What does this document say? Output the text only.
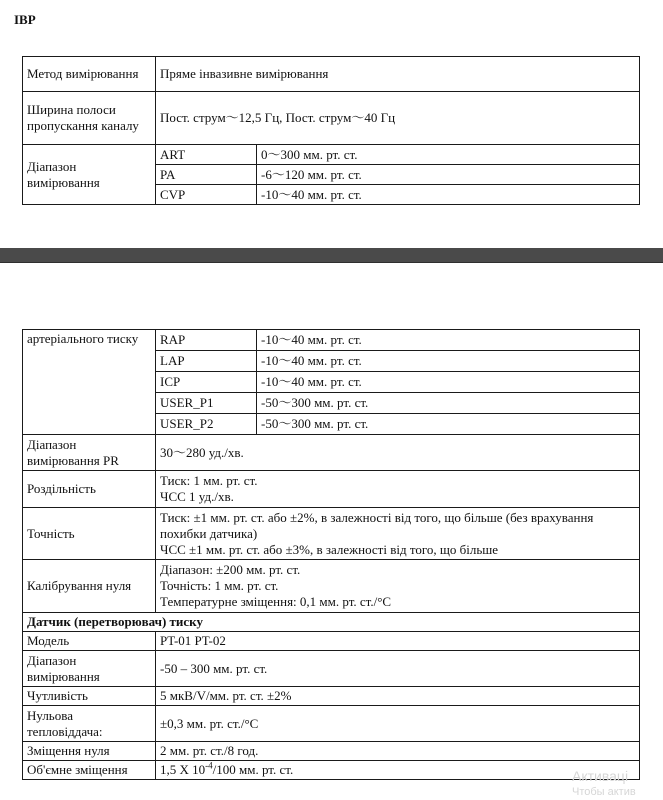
IBP
Метод вимірювання	Пряме інвазивне вимірювання	
Ширина полоси пропускання каналу	Пост. струм～12,5 Гц, Пост. струм～40 Гц	
Діапазон вимірювання	ART	0～300 мм. рт. ст.
	PA	-6～120 мм. рт. ст.
	CVP	-10～40 мм. рт. ст.
артеріального тиску	RAP	-10～40 мм. рт. ст.
	LAP	-10～40 мм. рт. ст.
	ICP	-10～40 мм. рт. ст.
	USER_P1	-50～300 мм. рт. ст.
	USER_P2	-50～300 мм. рт. ст.
Діапазон вимірювання PR	30～280 уд./хв.	
Роздільність	Тиск: 1 мм. рт. ст.
ЧСС 1 уд./хв.	

Точність	Тиск: ±1 мм. рт. ст. або ±2%, в залежності від того, що більше (без врахування похибки датчика)
ЧСС ±1 мм. рт. ст. або ±3%, в залежності від того, що більше	

Калібрування нуля	Діапазон: ±200 мм. рт. ст.
Точність: 1 мм. рт. ст.
Температурне зміщення: 0,1 мм. рт. ст./°C	

Датчик (перетворювач) тиску		
Модель	PT-01 PT-02	
Діапазон вимірювання	-50 – 300 мм. рт. ст.	
Чутливість	5 мкВ/V/мм. рт. ст. ±2%	
Нульова тепловіддача:	±0,3 мм. рт. ст./°C	
Зміщення нуля	2 мм. рт. ст./8 год.	
Об'ємне зміщення	1,5 X $10^{-4}/100$ мм. рт. ст.		Активаці
Чтобы актив
